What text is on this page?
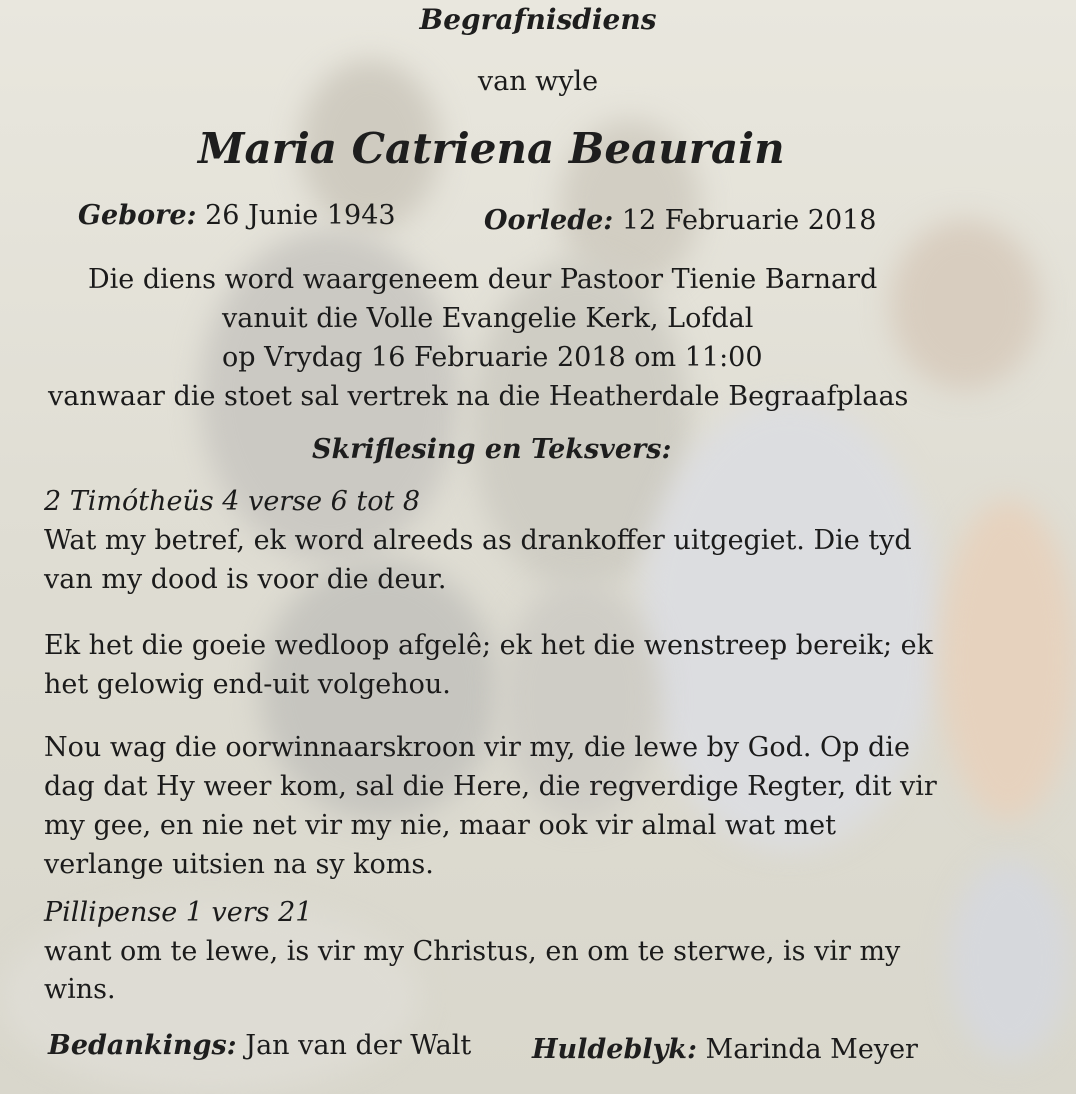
Begrafnisdiens
van wyle
Maria Catriena Beaurain
Gebore: 26 Junie 1943	Oorlede: 12 Februarie 2018
Die diens word waargeneem deur Pastoor Tienie Barnard
vanuit die Volle Evangelie Kerk, Lofdal
op Vrydag 16 Februarie 2018 om 11:00
vanwaar die stoet sal vertrek na die Heatherdale Begraafplaas
Skriflesing en Teksvers:
2 Timótheüs 4 verse 6 tot 8
Wat my betref, ek word alreeds as drankoffer uitgegiet. Die tyd
van my dood is voor die deur.
Ek het die goeie wedloop afgelê; ek het die wenstreep bereik; ek
het gelowig end-uit volgehou.
Nou wag die oorwinnaarskroon vir my, die lewe by God. Op die
dag dat Hy weer kom, sal die Here, die regverdige Regter, dit vir
my gee, en nie net vir my nie, maar ook vir almal wat met
verlange uitsien na sy koms.
Pillipense 1 vers 21
want om te lewe, is vir my Christus, en om te sterwe, is vir my
wins.
Bedankings: Jan van der Walt Huldeblyk: Marinda Meyer
